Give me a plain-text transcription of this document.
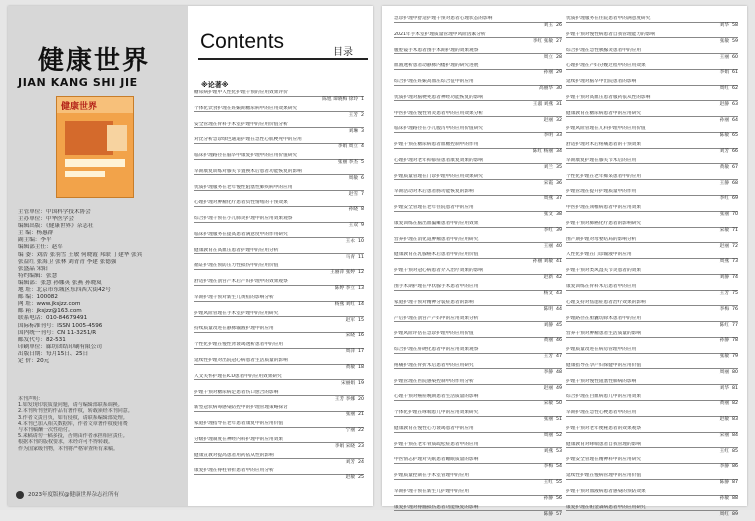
健康世界
JIAN KANG SHI JIE
健康世界
主管单位：中国科学技术协会
主办单位：中华医学会
编辑出版：《健康世界》杂志社
主 编：杨惠群
副主编：李平
编辑部主任：赵军
编 委：刘浩 张羽雪 王敏 何晓霞 邦联 丁建华 张宾
张益红 张海卫 张林 刘青青 李建 张德强
张盛晶 宋阳
特约编辑：张慧
编辑部：张慧 孙娜英 张燕 孙晓岚
地 址：北京市东城区东四西大街42号
邮 编：100082
网 址：www.jksjzz.com
邮 箱：jksjzz@163.com
联系电话：010-84679491
国际标准刊号：ISSN 1005-4596
国内统一刊号：CN 11-3251/R
邮发代号：82-531
印刷单位：廊坊团结印刷有限公司
出版日期：每月15日、25日
定 价：20元
本刊声明：
1.如发现印装质量问题，请与编辑部联系调换。
2.本刊所刊登的作品有著作权，转载须经本刊同意。
3.作者文责自负，如有侵权，请联系编辑部处理。
4.本刊已加入相关数据库，作者文章著作权使用费
与本刊稿酬一次性给付。
5.来稿请勿一稿多投，否则由作者承担相应责任。
根据本刊的版权要求，未经许可不得转载。
作为国家级刊物，本刊将严格审查所有来稿。
2023年度版权@健康世界杂志社所有
Contents	目录
※论著※
糖尿病护理中人性化护理干预的应用效果评价
陈旭 谭晓梅 徐玲 1
个体化饮食护理在妊娠期糖尿病中的应用效果研究
王芳 2
安全管理在骨科手术室护理中的应用价值分析
刘琳 3
对比分析急诊绿色通道护理在急性心肌梗死中的应用
李娟 周立 4
临床护理路径在脑卒中康复护理中的应用价值研究
张丽 李杰 5
早期康复训练对膝关节置换术后患者功能恢复的影响
周敏 6
优质护理服务在老年慢性阻塞性肺疾病中的应用
赵雪 7
心理护理对肿瘤化疗患者负性情绪的干预效果
孙晓 8
综合护理干预在小儿肺炎护理中的应用效果观察
王双 9
临床护理服务在提高患者满意度中的作用研究
王永 10
健康教育在高血压患者护理中的应用分析
马青 11
循证护理在预防压力性损伤中的应用价值
王丽萍 张婷 12
舒适护理在剖宫产术后产妇护理中的效果观察
陈婷 李立 13
早期护理干预对新生儿黄疸的影响分析
杨燕 刘红 14
护理风险管理在手术室护理中的应用研究
赵军 15
持续质量改进在静脉输液护理中的应用
宋晓 16
个性化护理在慢性肾衰竭透析患者中的应用
周萍 17
延续性护理对出院冠心病患者生活质量的影响
黄敏 18
人文关怀护理在ICU患者中的应用效果研究
宋丽娟 19
护理干预对糖尿病足患者伤口愈合的影响
王芳 李娜 20
新型冠状病毒感染防控中的护理管理策略探讨
张丽 21
家庭护理指导在老年患者康复中的应用价值
宁丽 22
分级护理制度在神经内科护理中的应用效果
李娟 宋晓 23
健康宣教对提高患者用药依从性的影响
刘芳 24
康复护理在脊柱骨折患者中的应用分析
赵敏 25
急诊护理中舒适护理干预对患者心理状态的影响
刘玉 26
2021年手术室护理质量管理中风险因素分析
李红 张敏 27
腹腔镜手术患者围手术期护理的效果观察
周立 28
血液透析患者动静脉内瘘护理的研究进展
孙丽 29
综合护理在妊娠高血压综合征中的应用
高丽华 30
优质护理对脑梗死患者神经功能恢复的影响
王淑 刘燕 31
中医护理在慢性胃炎患者中的应用效果分析
赵丽 32
临床护理路径在小儿腹泻中的应用价值研究
李明 33
护理干预在糖尿病患者血糖控制中的作用
陈红 杨丽 34
心理护理对老年抑郁症患者康复效果的影响
刘兰 35
护理质量管理在门诊护理中的应用效果研究
宋霞 36
早期活动对术后患者肠功能恢复的影响
周燕 37
护理安全管理在老年住院患者中的应用
张文 38
康复训练在脑出血偏瘫患者中的应用效果
李红 39
营养护理在消化道肿瘤患者中的应用研究
王丽 40
健康教育在乳腺癌术后患者中的应用价值
孙丽 刘敏 41
护理干预对冠心病患者介入治疗效果的影响
赵新 42
围手术期护理在甲状腺手术患者中的应用
杨文 43
家庭护理干预对精神分裂症患者的影响
陈明 44
产后护理在剖宫产产妇中的应用效果分析
刘静 45
护理风险评估在急诊护理中的应用价值
黄丽 46
综合护理在肝硬化患者中的应用效果观察
王芳 47
疼痛护理在骨折术后患者中的应用研究
李静 48
护理管理在医院感染控制中的作用分析
赵丽 49
心理干预对癌症晚期患者生活质量的影响
宋敏 50
个体化护理在哮喘患儿中的应用效果研究
张丽 51
健康教育在慢性心力衰竭患者中的应用
周丽 52
护理干预在老年骨质疏松症患者中的应用
刘燕 53
中医情志护理对失眠患者睡眠质量的影响
李梅 54
护理质量控制在手术室管理中的应用
王红 55
早期护理干预在新生儿护理中的应用
孙静 56
康复护理对脊髓损伤患者功能恢复的影响
陈静 57
优质护理服务在住院患者中的满意度研究
刘华 58
护理干预对慢性病患者自我管理能力的影响
张敏 59
综合护理在急性胰腺炎患者中的应用
王丽 60
心理护理在产妇分娩过程中的应用效果
李娟 61
延续护理对脑卒中出院患者的影响
周红 62
护理干预对高血压患者服药依从性的影响
赵静 63
健康教育在糖尿病患者中的应用研究
孙丽 64
护理风险管理在儿科护理中的应用价值
陈敏 65
舒适护理对术后疼痛患者的干预效果
刘芳 66
早期康复护理在膝关节术后的应用
黄敏 67
个性化护理在老年痴呆患者中的应用
王静 68
护理管理在提升护理质量中的作用
李红 69
中医护理在颈椎病患者中的应用效果
张丽 70
护理干预对肺癌化疗患者的影响研究
宋敏 71
围产期护理对母婴结局的影响分析
赵丽 72
人性化护理在门诊输液中的应用
周燕 73
护理干预对类风湿关节炎患者的效果
刘静 74
康复训练在骨科术后患者中的应用
王芳 75
心理支持对焦虑症患者治疗效果的影响
李梅 76
护理路径在胆囊切除术患者中的应用
陈红 77
营养干预对肿瘤患者生活质量的影响
孙静 78
护理质量改进在病房管理中的应用
张敏 79
健康指导在孕产妇保健中的应用价值
周丽 80
护理干预对慢性阻塞性肺病的影响
刘华 81
综合护理在白血病患儿中的应用效果
黄丽 82
早期护理在急性心梗患者中的应用
赵敏 83
护理干预对老年便秘患者的效果观察
宋丽 84
健康教育对哮喘患者自我管理的影响
王红 85
护理安全管理在精神科中的应用研究
李静 86
延续性护理在慢病管理中的应用价值
陈静 87
护理干预对血液病患者感染的预防效果
孙敏 88
康复护理在帕金森病患者中的应用研究
周红 89
